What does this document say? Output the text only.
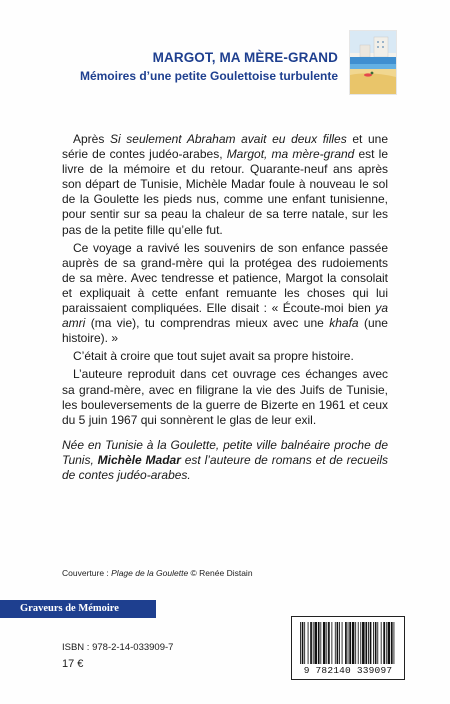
MARGOT, MA MÈRE-GRAND
Mémoires d’une petite Goulettoise turbulente

Après Si seulement Abraham avait eu deux filles et une série de contes judéo-arabes, Margot, ma mère-grand est le livre de la mémoire et du retour. Quarante-neuf ans après son départ de Tunisie, Michèle Madar foule à nouveau le sol de la Goulette les pieds nus, comme une enfant tunisienne, pour sentir sur sa peau la chaleur de sa terre natale, sur les pas de la petite fille qu’elle fut.

Ce voyage a ravivé les souvenirs de son enfance passée auprès de sa grand-mère qui la protégea des rudoiements de sa mère. Avec tendresse et patience, Margot la consolait et expliquait à cette enfant remuante les choses qui lui paraissaient compliquées. Elle disait : « Écoute-moi bien ya amri (ma vie), tu comprendras mieux avec une khafa (une histoire). »

C’était à croire que tout sujet avait sa propre histoire.

L’auteure reproduit dans cet ouvrage ces échanges avec sa grand-mère, avec en filigrane la vie des Juifs de Tunisie, les bouleversements de la guerre de Bizerte en 1961 et ceux du 5 juin 1967 qui sonnèrent le glas de leur exil.

Née en Tunisie à la Goulette, petite ville balnéaire proche de Tunis, Michèle Madar est l’auteure de romans et de recueils de contes judéo-arabes.
Couverture : Plage de la Goulette © Renée Distain
Graveurs de Mémoire
ISBN : 978-2-14-033909-7
17 €
9 782140 339097
